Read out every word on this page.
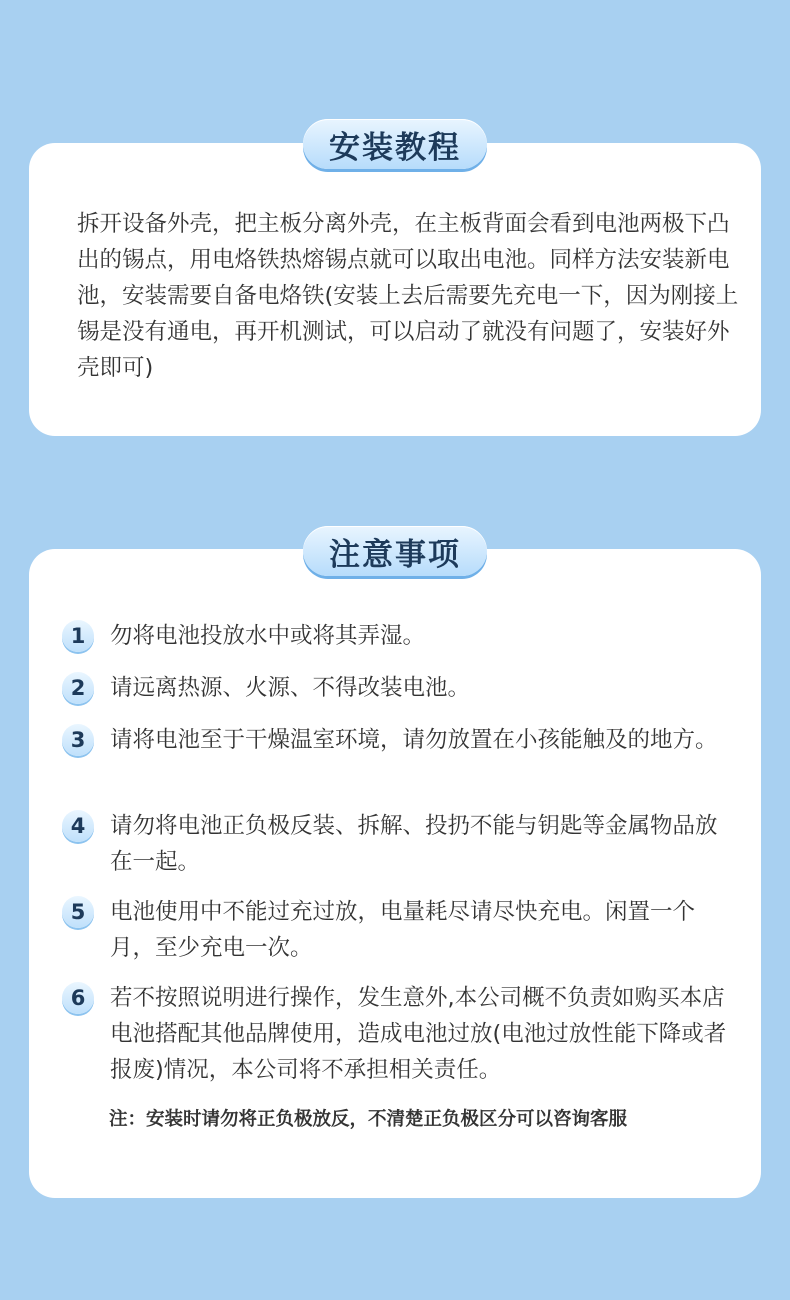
安装教程
拆开设备外壳，把主板分离外壳，在主板背面会看到电池两极下凸出的锡点，用电烙铁热熔锡点就可以取出电池。同样方法安装新电池，安装需要自备电烙铁(安装上去后需要先充电一下，因为刚接上锡是没有通电，再开机测试，可以启动了就没有问题了，安装好外壳即可)
注意事项
1	勿将电池投放水中或将其弄湿。
2	请远离热源、火源、不得改装电池。
3	请将电池至于干燥温室环境，请勿放置在小孩能触及的地方。
4	请勿将电池正负极反装、拆解、投扔不能与钥匙等金属物品放在一起。
5	电池使用中不能过充过放，电量耗尽请尽快充电。闲置一个月，至少充电一次。
6	若不按照说明进行操作，发生意外,本公司概不负责如购买本店电池搭配其他品牌使用，造成电池过放(电池过放性能下降或者报废)情况，本公司将不承担相关责任。
注：安装时请勿将正负极放反，不清楚正负极区分可以咨询客服
